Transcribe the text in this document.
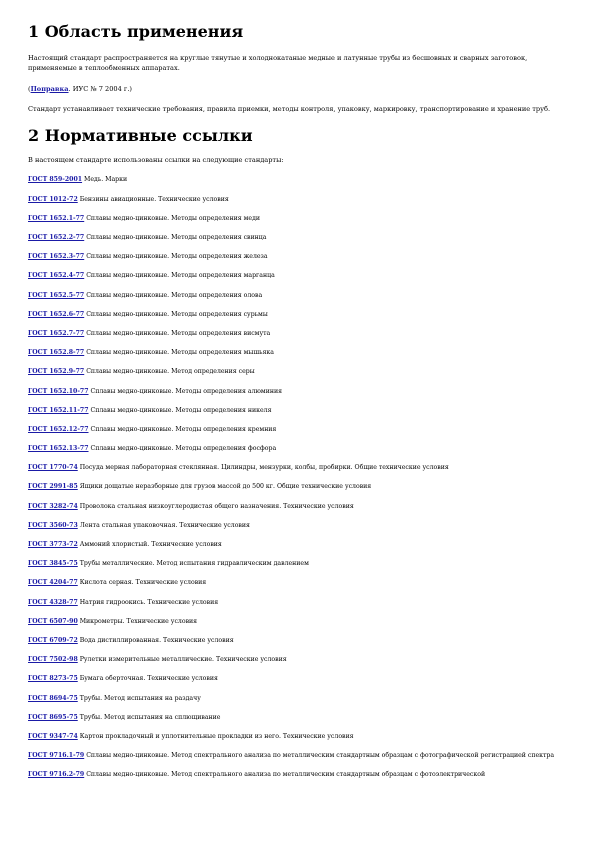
1 Область применения

Настоящий стандарт распространяется на круглые тянутые и холоднокатаные медные и латунные трубы из бесшовных и сварных заготовок, применяемые в теплообменных аппаратах.

(Поправка. ИУС № 7 2004 г.)

Стандарт устанавливает технические требования, правила приемки, методы контроля, упаковку, маркировку, транспортирование и хранение труб.

2 Нормативные ссылки

В настоящем стандарте использованы ссылки на следующие стандарты:

ГОСТ 859-2001 Медь. Марки

ГОСТ 1012-72 Бензины авиационные. Технические условия

ГОСТ 1652.1-77 Сплавы медно-цинковые. Методы определения меди

ГОСТ 1652.2-77 Сплавы медно-цинковые. Методы определения свинца

ГОСТ 1652.3-77 Сплавы медно-цинковые. Методы определения железа

ГОСТ 1652.4-77 Сплавы медно-цинковые. Методы определения марганца

ГОСТ 1652.5-77 Сплавы медно-цинковые. Методы определения олова

ГОСТ 1652.6-77 Сплавы медно-цинковые. Методы определения сурьмы

ГОСТ 1652.7-77 Сплавы медно-цинковые. Методы определения висмута

ГОСТ 1652.8-77 Сплавы медно-цинковые. Методы определения мышьяка

ГОСТ 1652.9-77 Сплавы медно-цинковые. Метод определения серы

ГОСТ 1652.10-77 Сплавы медно-цинковые. Методы определения алюминия

ГОСТ 1652.11-77 Сплавы медно-цинковые. Методы определения никеля

ГОСТ 1652.12-77 Сплавы медно-цинковые. Методы определения кремния

ГОСТ 1652.13-77 Сплавы медно-цинковые. Методы определения фосфора

ГОСТ 1770-74 Посуда мерная лабораторная стеклянная. Цилиндры, мензурки, колбы, пробирки. Общие технические условия

ГОСТ 2991-85 Ящики дощатые неразборные для грузов массой до 500 кг. Общие технические условия

ГОСТ 3282-74 Проволока стальная низкоуглеродистая общего назначения. Технические условия

ГОСТ 3560-73 Лента стальная упаковочная. Технические условия

ГОСТ 3773-72 Аммоний хлористый. Технические условия

ГОСТ 3845-75 Трубы металлические. Метод испытания гидравлическим давлением

ГОСТ 4204-77 Кислота серная. Технические условия

ГОСТ 4328-77 Натрия гидроокись. Технические условия

ГОСТ 6507-90 Микрометры. Технические условия

ГОСТ 6709-72 Вода дистиллированная. Технические условия

ГОСТ 7502-98 Рулетки измерительные металлические. Технические условия

ГОСТ 8273-75 Бумага оберточная. Технические условия

ГОСТ 8694-75 Трубы. Метод испытания на раздачу

ГОСТ 8695-75 Трубы. Метод испытания на сплющивание

ГОСТ 9347-74 Картон прокладочный и уплотнительные прокладки из него. Технические условия

ГОСТ 9716.1-79 Сплавы медно-цинковые. Метод спектрального анализа по металлическим стандартным образцам с фотографической регистрацией спектра

ГОСТ 9716.2-79 Сплавы медно-цинковые. Метод спектрального анализа по металлическим стандартным образцам с фотоэлектрической
